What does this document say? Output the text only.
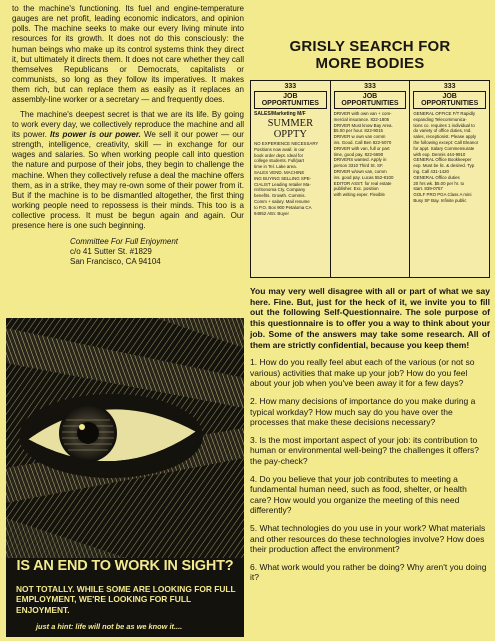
to the machine's functioning. Its fuel and engine-temperature gauges are net profit, leading economic indicators, and opinion polls. The machine seeks to make our every living minute into resources for its growth. It does not do this consciously: the human beings who make up its control systems think they direct it, but ultimately it directs them. It does not care whether they call themselves Republicans or Democrats, capitalists or communists, so long as they follow its imperatives. It makes them rich, but can replace them as easily as it replaces an assembly-line worker or a secretary — and frequently does.

The machine's deepest secret is that we are its life. By going to work every day, we collectively reproduce the machine and all its power. Its power is our power. We sell it our power — our strength, intelligence, creativity, skill — in exchange for our wages and salaries. So when working people call into question the nature and purpose of their jobs, they begin to challenge the machine. When they collectively refuse a deal the machine offers them, as in a strike, they may re-own some of their power from it. But if the machine is to be dismantled altogether, the first thing working people need to repossess is their minds. This too is a collective process. It must be begun again and again. Our presence here is one such beginning.

Committee For Full Enjoyment
c/o 41 Sutter St. #1829
San Francisco, CA 94104
IS AN END TO WORK IN SIGHT?
NOT TOTALLY. WHILE SOME ARE LOOKING FOR FULL EMPLOYMENT, WE'RE LOOKING FOR FULL ENJOYMENT.
just a hint: life will not be as we know it....
GRISLY SEARCH FOR
MORE BODIES
333
JOB OPPORTUNITIES
SALES/Marketing M/F
SUMMER OPPTY
NO EXPERIENCE NECESSARY
Positions now avail. in our
book order dept. Ideal for
college students. Full/part
time in Tel. Lake area.
SALES VEND. MACHINE
ING BUYING SELLING SPE-
CIALIST Leading retailer Ma-
rin/Sonoma Cty. Company
benefits. Growth. Commis.
Comm + salary. Mail resume
to P.O. Box 900 Petaluma CA
94952 Attn: Buyer
333
JOB OPPORTUNITIES
DRIVER with own van + com-
mercial insurance. 822-1805
DRIVER Must know Bay Area.
$5.00 per hour. 822-9015
DRIVER w own van comm
ins. Good. Call Ben 822-5070
DRIVER with van, full or part
time, good pay. 822-6690
DRIVERS wanted. Apply in
person 3310 Third St. SF.
DRIVER w/own van, comm
ins. good pay. Lucas 552-8100
EDITOR ASST. for real estate
publisher. Exc. position
with writing exper. Flexible
333
JOB OPPORTUNITIES
GENERAL OFFICE F/T Rapidly
expanding Telecommunica-
tions co. requires 1 individual to
do variety of office duties, Ind.
sales, receptionist. Please apply
the following except: Call Eleanor
for appt. Salary Commensurate
with exp. Dennis 444-9910
GENERAL Office Bookkeeper
exp. Must be lic. & desired. Typ
ing. Call 431-1420
GENERAL Office duties
20 hrs wk. $5.00 per hr. to
start. 839-0757
GOLF PRO PGA Class A mini
Busy SF Bay. Infinite public

You may very well disagree with all or part of what we say here. Fine. But, just for the heck of it, we invite you to fill out the following Self-Questionnaire. The sole purpose of this questionnaire is to offer you a way to think about your job. Some of the answers may take some research. All of them are strictly confidential, because you keep them!

1. How do you really feel abut each of the various (or not so various) activities that make up your job? How do you feel about your job when you've been away it for a few days?

2. How many decisions of importance do you make during a typical workday? How much say do you have over the processes that make these decisions necessary?

3. Is the most important aspect of your job: its contribution to human or environmental well-being? the challenges it offers? the pay-check?

4. Do you believe that your job contributes to meeting a fundamental human need, such as food, shelter, or health care? How would you organize the meeting of this need differently?

5. What technologies do you use in your work? What materials and other resources do these technologies involve? How does their production affect the environment?

6. What work would you rather be doing? Why aren't you doing it?
